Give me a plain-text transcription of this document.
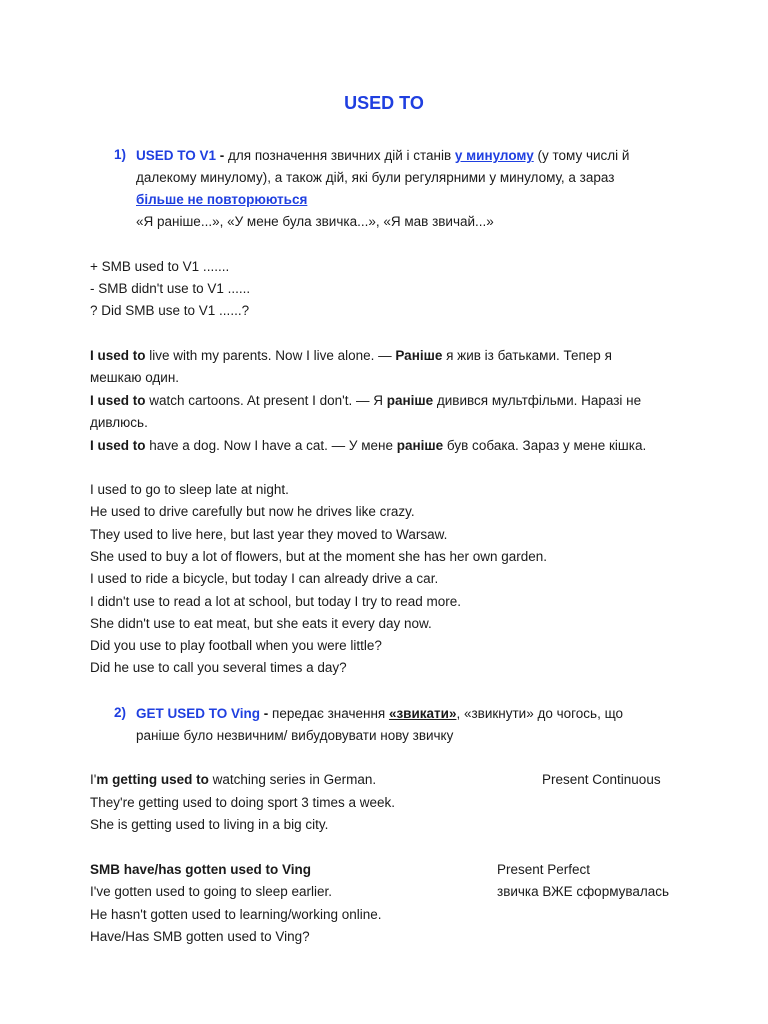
USED TO
1) USED TO V1 - для позначення звичних дій і станів у минулому (у тому числі й
далекому минулому), а також дій, які були регулярними у минулому, а зараз
більше не повторюються
«Я раніше...», «У мене була звичка...», «Я мав звичай...»
+ SMB used to V1 .......
- SMB didn't use to V1 ......
? Did SMB use to V1 ......?
I used to live with my parents. Now I live alone. — Раніше я жив із батьками. Тепер я
мешкаю один.
I used to watch cartoons. At present I don't. — Я раніше дивився мультфільми. Наразі не
дивлюсь.
I used to have a dog. Now I have a cat. — У мене раніше був собака. Зараз у мене кішка.
I used to go to sleep late at night.
He used to drive carefully but now he drives like crazy.
They used to live here, but last year they moved to Warsaw.
She used to buy a lot of flowers, but at the moment she has her own garden.
I used to ride a bicycle, but today I can already drive a car.
I didn't use to read a lot at school, but today I try to read more.
She didn't use to eat meat, but she eats it every day now.
Did you use to play football when you were little?
Did he use to call you several times a day?
2) GET USED TO Ving - передає значення «звикати», «звикнути» до чогось, що
раніше було незвичним/ вибудовувати нову звичку
I'm getting used to watching series in German.	Present Continuous
They're getting used to doing sport 3 times a week.
She is getting used to living in a big city.
SMB have/has gotten used to Ving	Present Perfect
I've gotten used to going to sleep earlier.	звичка ВЖЕ сформувалась
He hasn't gotten used to learning/working online.
Have/Has SMB gotten used to Ving?
